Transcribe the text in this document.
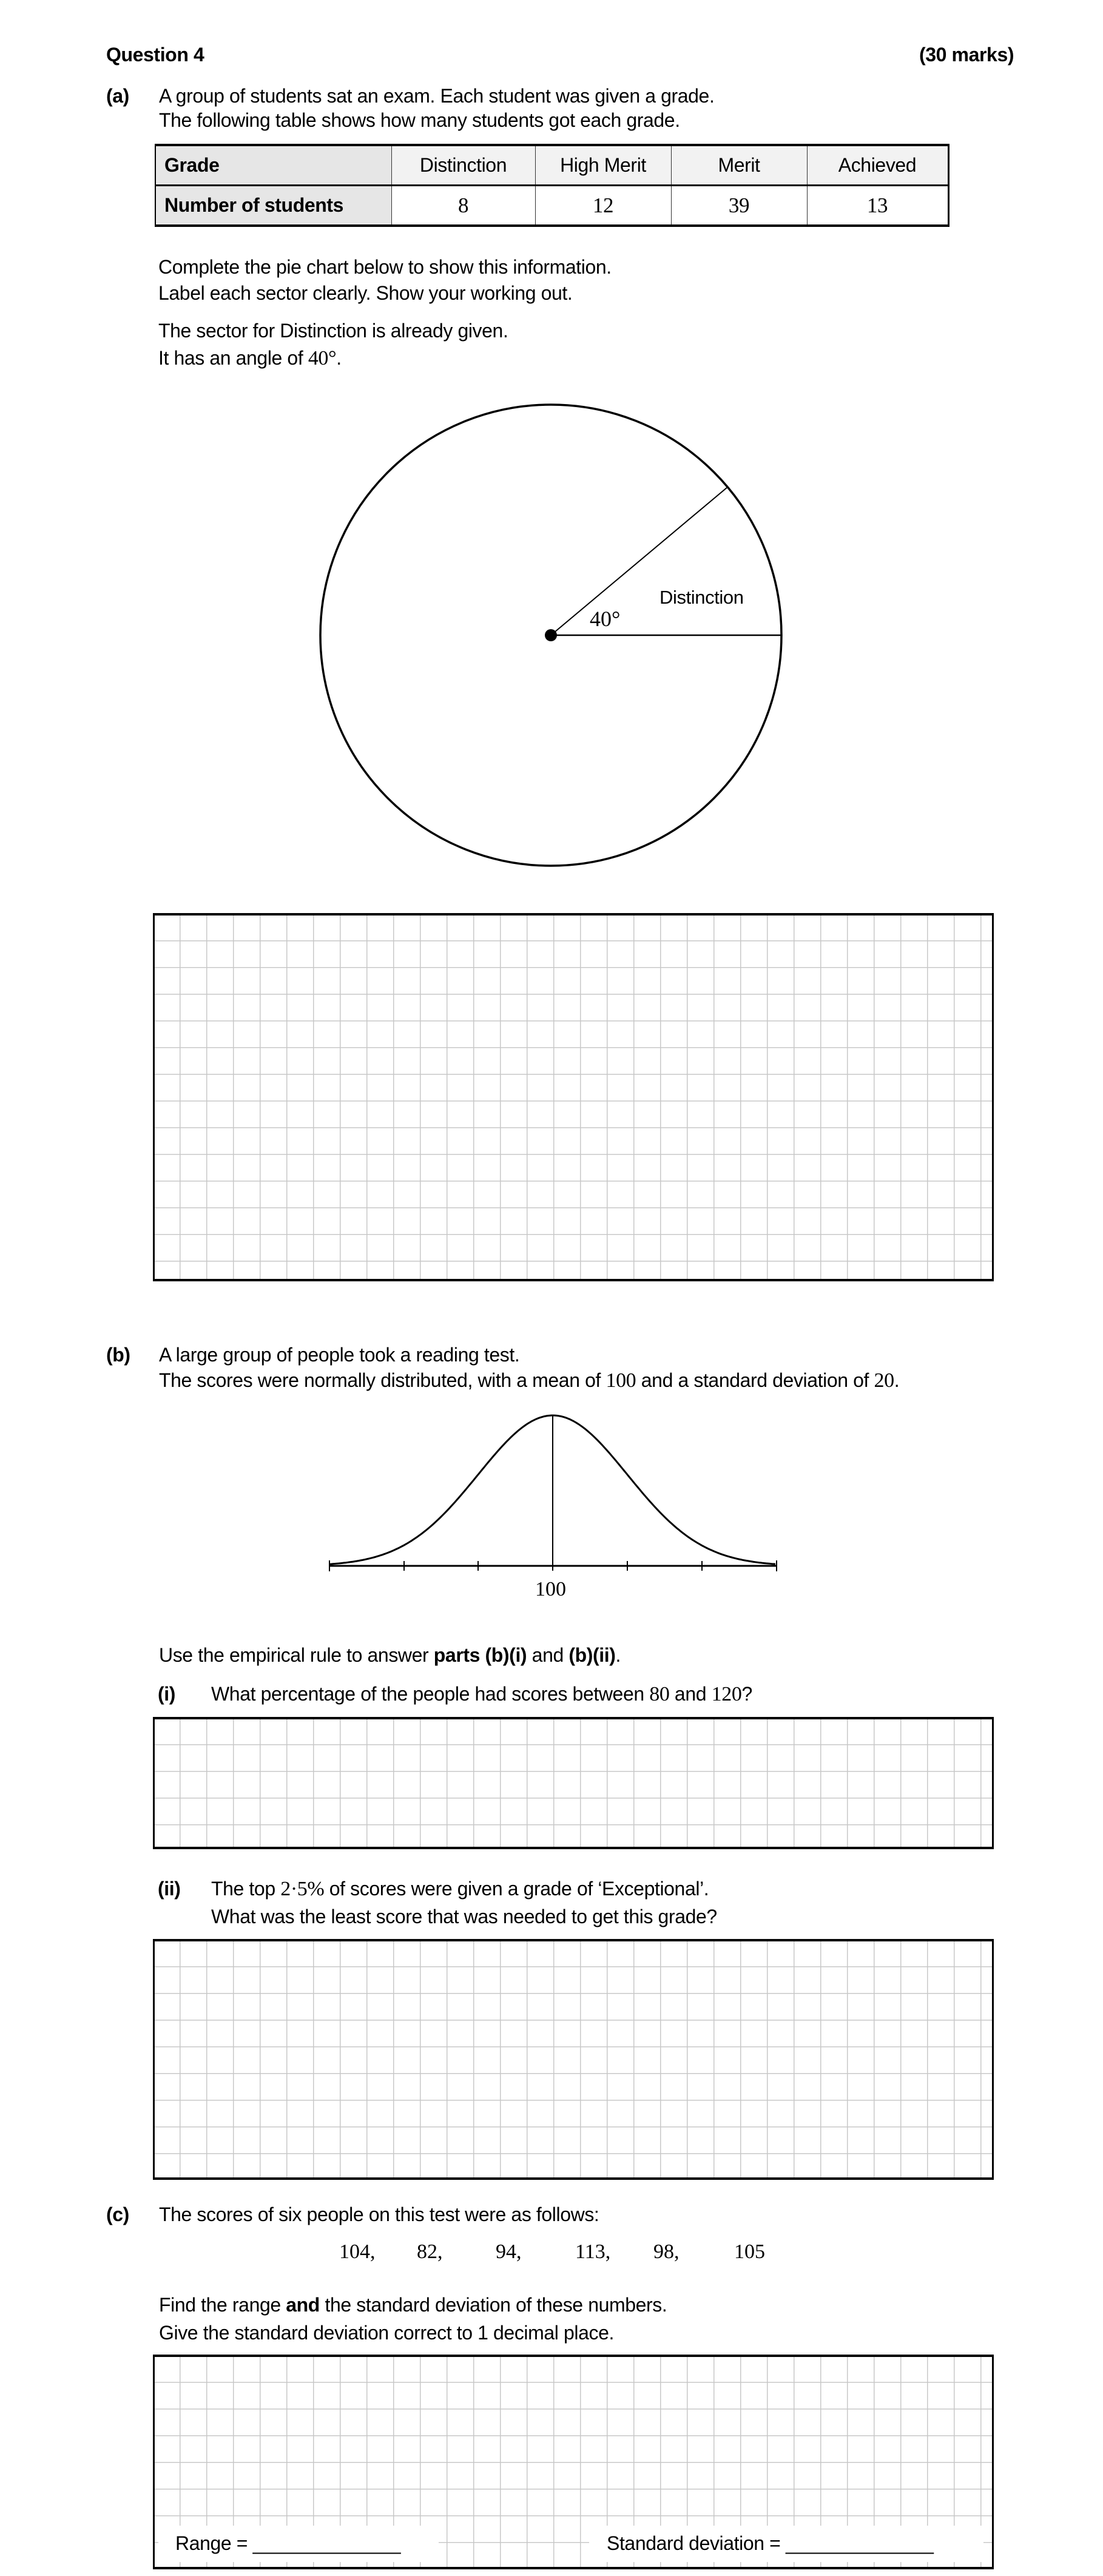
Question 4	(30 marks)
(a) A group of students sat an exam. Each student was given a grade.
The following table shows how many students got each grade.
Grade	Distinction	High Merit	Merit	Achieved
Number of students	8	12	39	13
Complete the pie chart below to show this information.
Label each sector clearly. Show your working out.
The sector for Distinction is already given.
It has an angle of 40°.
40°
Distinction
(b) A large group of people took a reading test.
The scores were normally distributed, with a mean of 100 and a standard deviation of 20.
100
Use the empirical rule to answer parts (b)(i) and (b)(ii).
(i) What percentage of the people had scores between 80 and 120?
(ii) The top 2·5% of scores were given a grade of ‘Exceptional’.
What was the least score that was needed to get this grade?
(c) The scores of six people on this test were as follows:
104, 82,	94,	113, 98,	105
Find the range and the standard deviation of these numbers.
Give the standard deviation correct to 1 decimal place.
Range = ______________	Standard deviation = ______________
